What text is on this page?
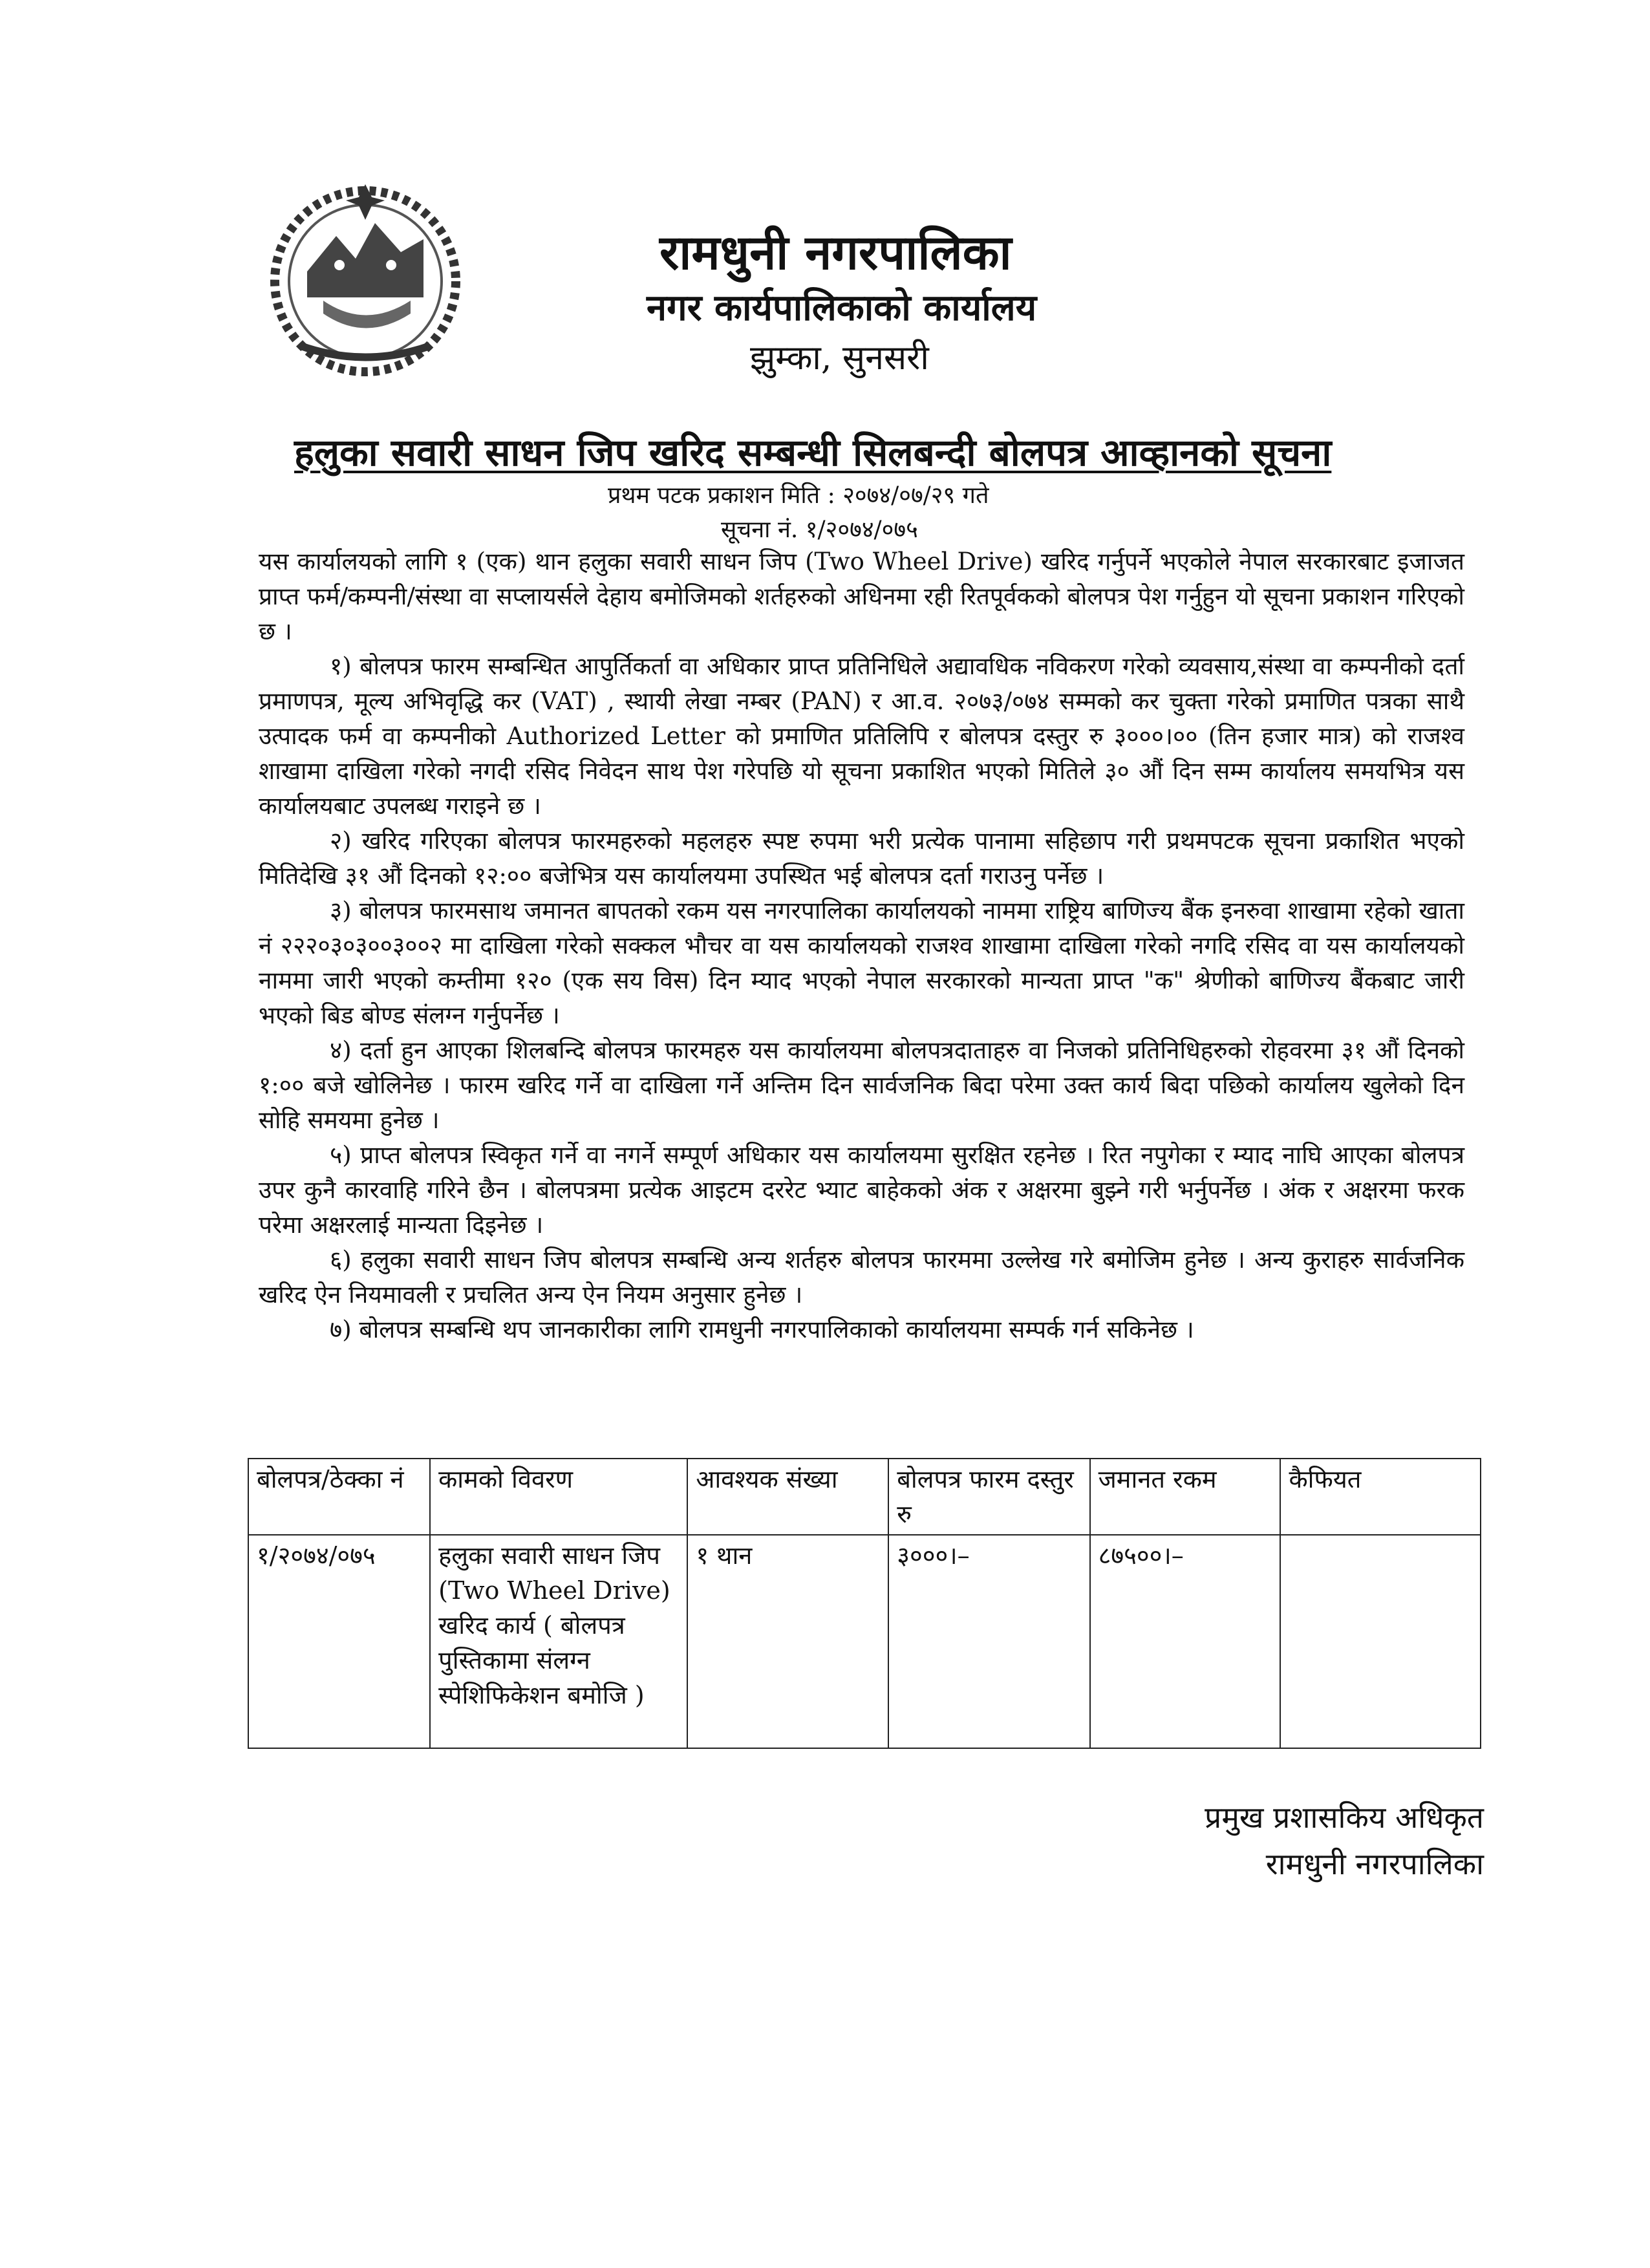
रामधुनी नगरपालिका

नगर कार्यपालिकाको कार्यालय

झुम्का, सुनसरी

हलुका सवारी साधन जिप खरिद सम्बन्धी सिलबन्दी बोलपत्र आव्हानको सूचना

प्रथम पटक प्रकाशन मिति : २०७४/०७/२९ गते

सूचना नं. १/२०७४/०७५

यस कार्यालयको लागि १ (एक) थान हलुका सवारी साधन जिप (Two Wheel Drive) खरिद गर्नुपर्ने भएकोले नेपाल सरकारबाट इजाजत प्राप्त फर्म/कम्पनी/संस्था वा सप्लायर्सले देहाय बमोजिमको शर्तहरुको अधिनमा रही रितपूर्वकको बोलपत्र पेश गर्नुहुन यो सूचना प्रकाशन गरिएको छ ।

१) बोलपत्र फारम सम्बन्धित आपुर्तिकर्ता वा अधिकार प्राप्त प्रतिनिधिले अद्यावधिक नविकरण गरेको व्यवसाय,संस्था वा कम्पनीको दर्ता प्रमाणपत्र, मूल्य अभिवृद्धि कर (VAT) , स्थायी लेखा नम्बर (PAN) र आ.व. २०७३/०७४ सम्मको कर चुक्ता गरेको प्रमाणित पत्रका साथै उत्पादक फर्म वा कम्पनीको Authorized Letter को प्रमाणित प्रतिलिपि र बोलपत्र दस्तुर रु ३०००।०० (तिन हजार मात्र) को राजश्व शाखामा दाखिला गरेको नगदी रसिद निवेदन साथ पेश गरेपछि यो सूचना प्रकाशित भएको मितिले ३० औं दिन सम्म कार्यालय समयभित्र यस कार्यालयबाट उपलब्ध गराइने छ ।

२) खरिद गरिएका बोलपत्र फारमहरुको महलहरु स्पष्ट रुपमा भरी प्रत्येक पानामा सहिछाप गरी प्रथमपटक सूचना प्रकाशित भएको मितिदेखि ३१ औं दिनको १२:०० बजेभित्र यस कार्यालयमा उपस्थित भई बोलपत्र दर्ता गराउनु पर्नेछ ।

३) बोलपत्र फारमसाथ जमानत बापतको रकम यस नगरपालिका कार्यालयको नाममा राष्ट्रिय बाणिज्य बैंक इनरुवा शाखामा रहेको खाता नं २२२०३०३००३००२ मा दाखिला गरेको सक्कल भौचर वा यस कार्यालयको राजश्व शाखामा दाखिला गरेको नगदि रसिद वा यस कार्यालयको नाममा जारी भएको कम्तीमा १२० (एक सय विस) दिन म्याद भएको नेपाल सरकारको मान्यता प्राप्त "क" श्रेणीको बाणिज्य बैंकबाट जारी भएको बिड बोण्ड संलग्न गर्नुपर्नेछ ।

४) दर्ता हुन आएका शिलबन्दि बोलपत्र फारमहरु यस कार्यालयमा बोलपत्रदाताहरु वा निजको प्रतिनिधिहरुको रोहवरमा ३१ औं दिनको १:०० बजे खोलिनेछ । फारम खरिद गर्ने वा दाखिला गर्ने अन्तिम दिन सार्वजनिक बिदा परेमा उक्त कार्य बिदा पछिको कार्यालय खुलेको दिन सोहि समयमा हुनेछ ।

५) प्राप्त बोलपत्र स्विकृत गर्ने वा नगर्ने सम्पूर्ण अधिकार यस कार्यालयमा सुरक्षित रहनेछ । रित नपुगेका र म्याद नाघि आएका बोलपत्र उपर कुनै कारवाहि गरिने छैन । बोलपत्रमा प्रत्येक आइटम दररेट भ्याट बाहेकको अंक र अक्षरमा बुझ्ने गरी भर्नुपर्नेछ । अंक र अक्षरमा फरक परेमा अक्षरलाई मान्यता दिइनेछ ।

६) हलुका सवारी साधन जिप बोलपत्र सम्बन्धि अन्य शर्तहरु बोलपत्र फारममा उल्लेख गरे बमोजिम हुनेछ । अन्य कुराहरु सार्वजनिक खरिद ऐन नियमावली र प्रचलित अन्य ऐन नियम अनुसार हुनेछ ।

७) बोलपत्र सम्बन्धि थप जानकारीका लागि रामधुनी नगरपालिकाको कार्यालयमा सम्पर्क गर्न सकिनेछ ।

बोलपत्र/ठेक्का नं	कामको विवरण	आवश्यक संख्या	बोलपत्र फारम दस्तुर रु	जमानत रकम	कैफियत
१/२०७४/०७५	हलुका सवारी साधन जिप (Two Wheel Drive) खरिद कार्य ( बोलपत्र पुस्तिकामा संलग्न स्पेशिफिकेशन बमोजि )	१ थान	३०००।–	८७५००।–	

प्रमुख प्रशासकिय अधिकृत

रामधुनी नगरपालिका
